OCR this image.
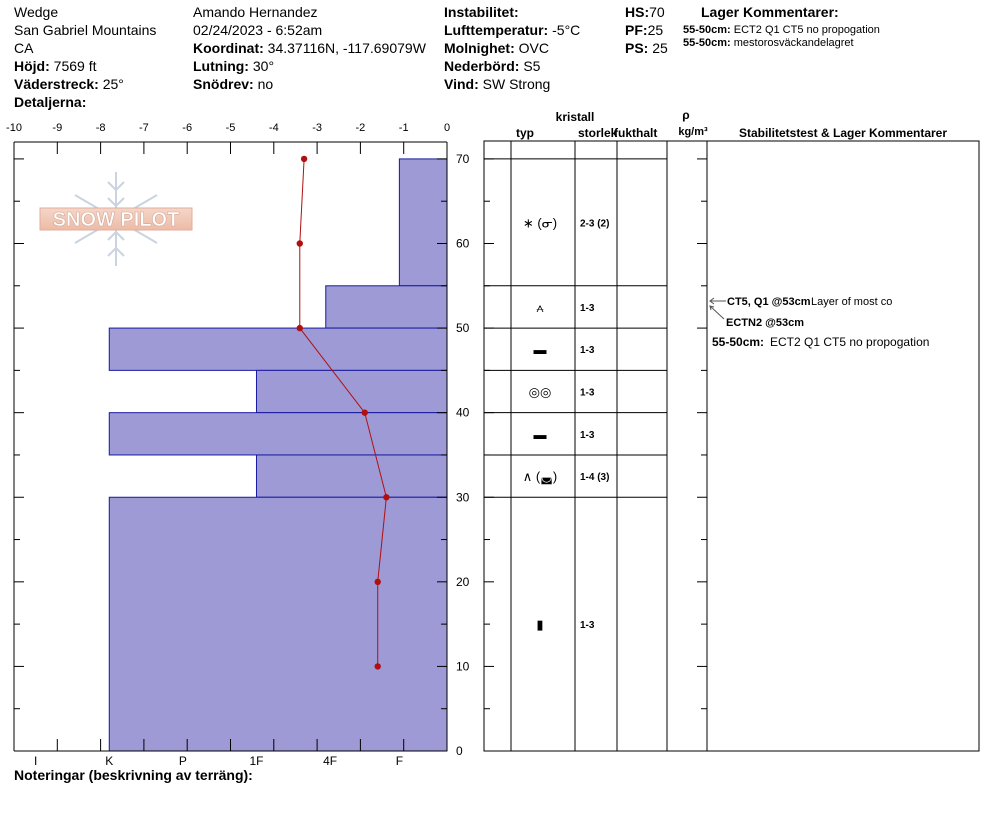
Wedge
San Gabriel Mountains
CA
Höjd: 7569 ft
Väderstreck: 25°
Detaljerna:
Amando Hernandez
02/24/2023 - 6:52am
Koordinat: 34.37116N, -117.69079W
Lutning: 30°
Snödrev: no
Instabilitet:
Lufttemperatur: -5°C
Molnighet: OVC
Nederbörd: S5
Vind: SW Strong
HS:70
PF:25
PS: 25
Lager Kommentarer:
55-50cm: ECT2 Q1 CT5 no propogation
55-50cm: mestorosväckandelagret
Noteringar (beskrivning av terräng):
SNOW PILOT
-10	-9	-8	-7	-6	-5	-4	-3	-2	-1	0
0
10
20
30
40
50
60
70
I	K	P	1F	4F	F
∗ (ᓂ) 2-3 (2)
⩜	1-3
▬	1-3
◎◎	1-3
▬	1-3
∧ (◛) 1-4 (3)
▮	1-3
kristall
typ	storlek
fukthalt
ρ
kg/m³	Stabilitetstest & Lager Kommentarer
CT5, Q1 @53cm Layer of most co
ECTN2 @53cm
55-50cm: ECT2 Q1 CT5 no propogation
